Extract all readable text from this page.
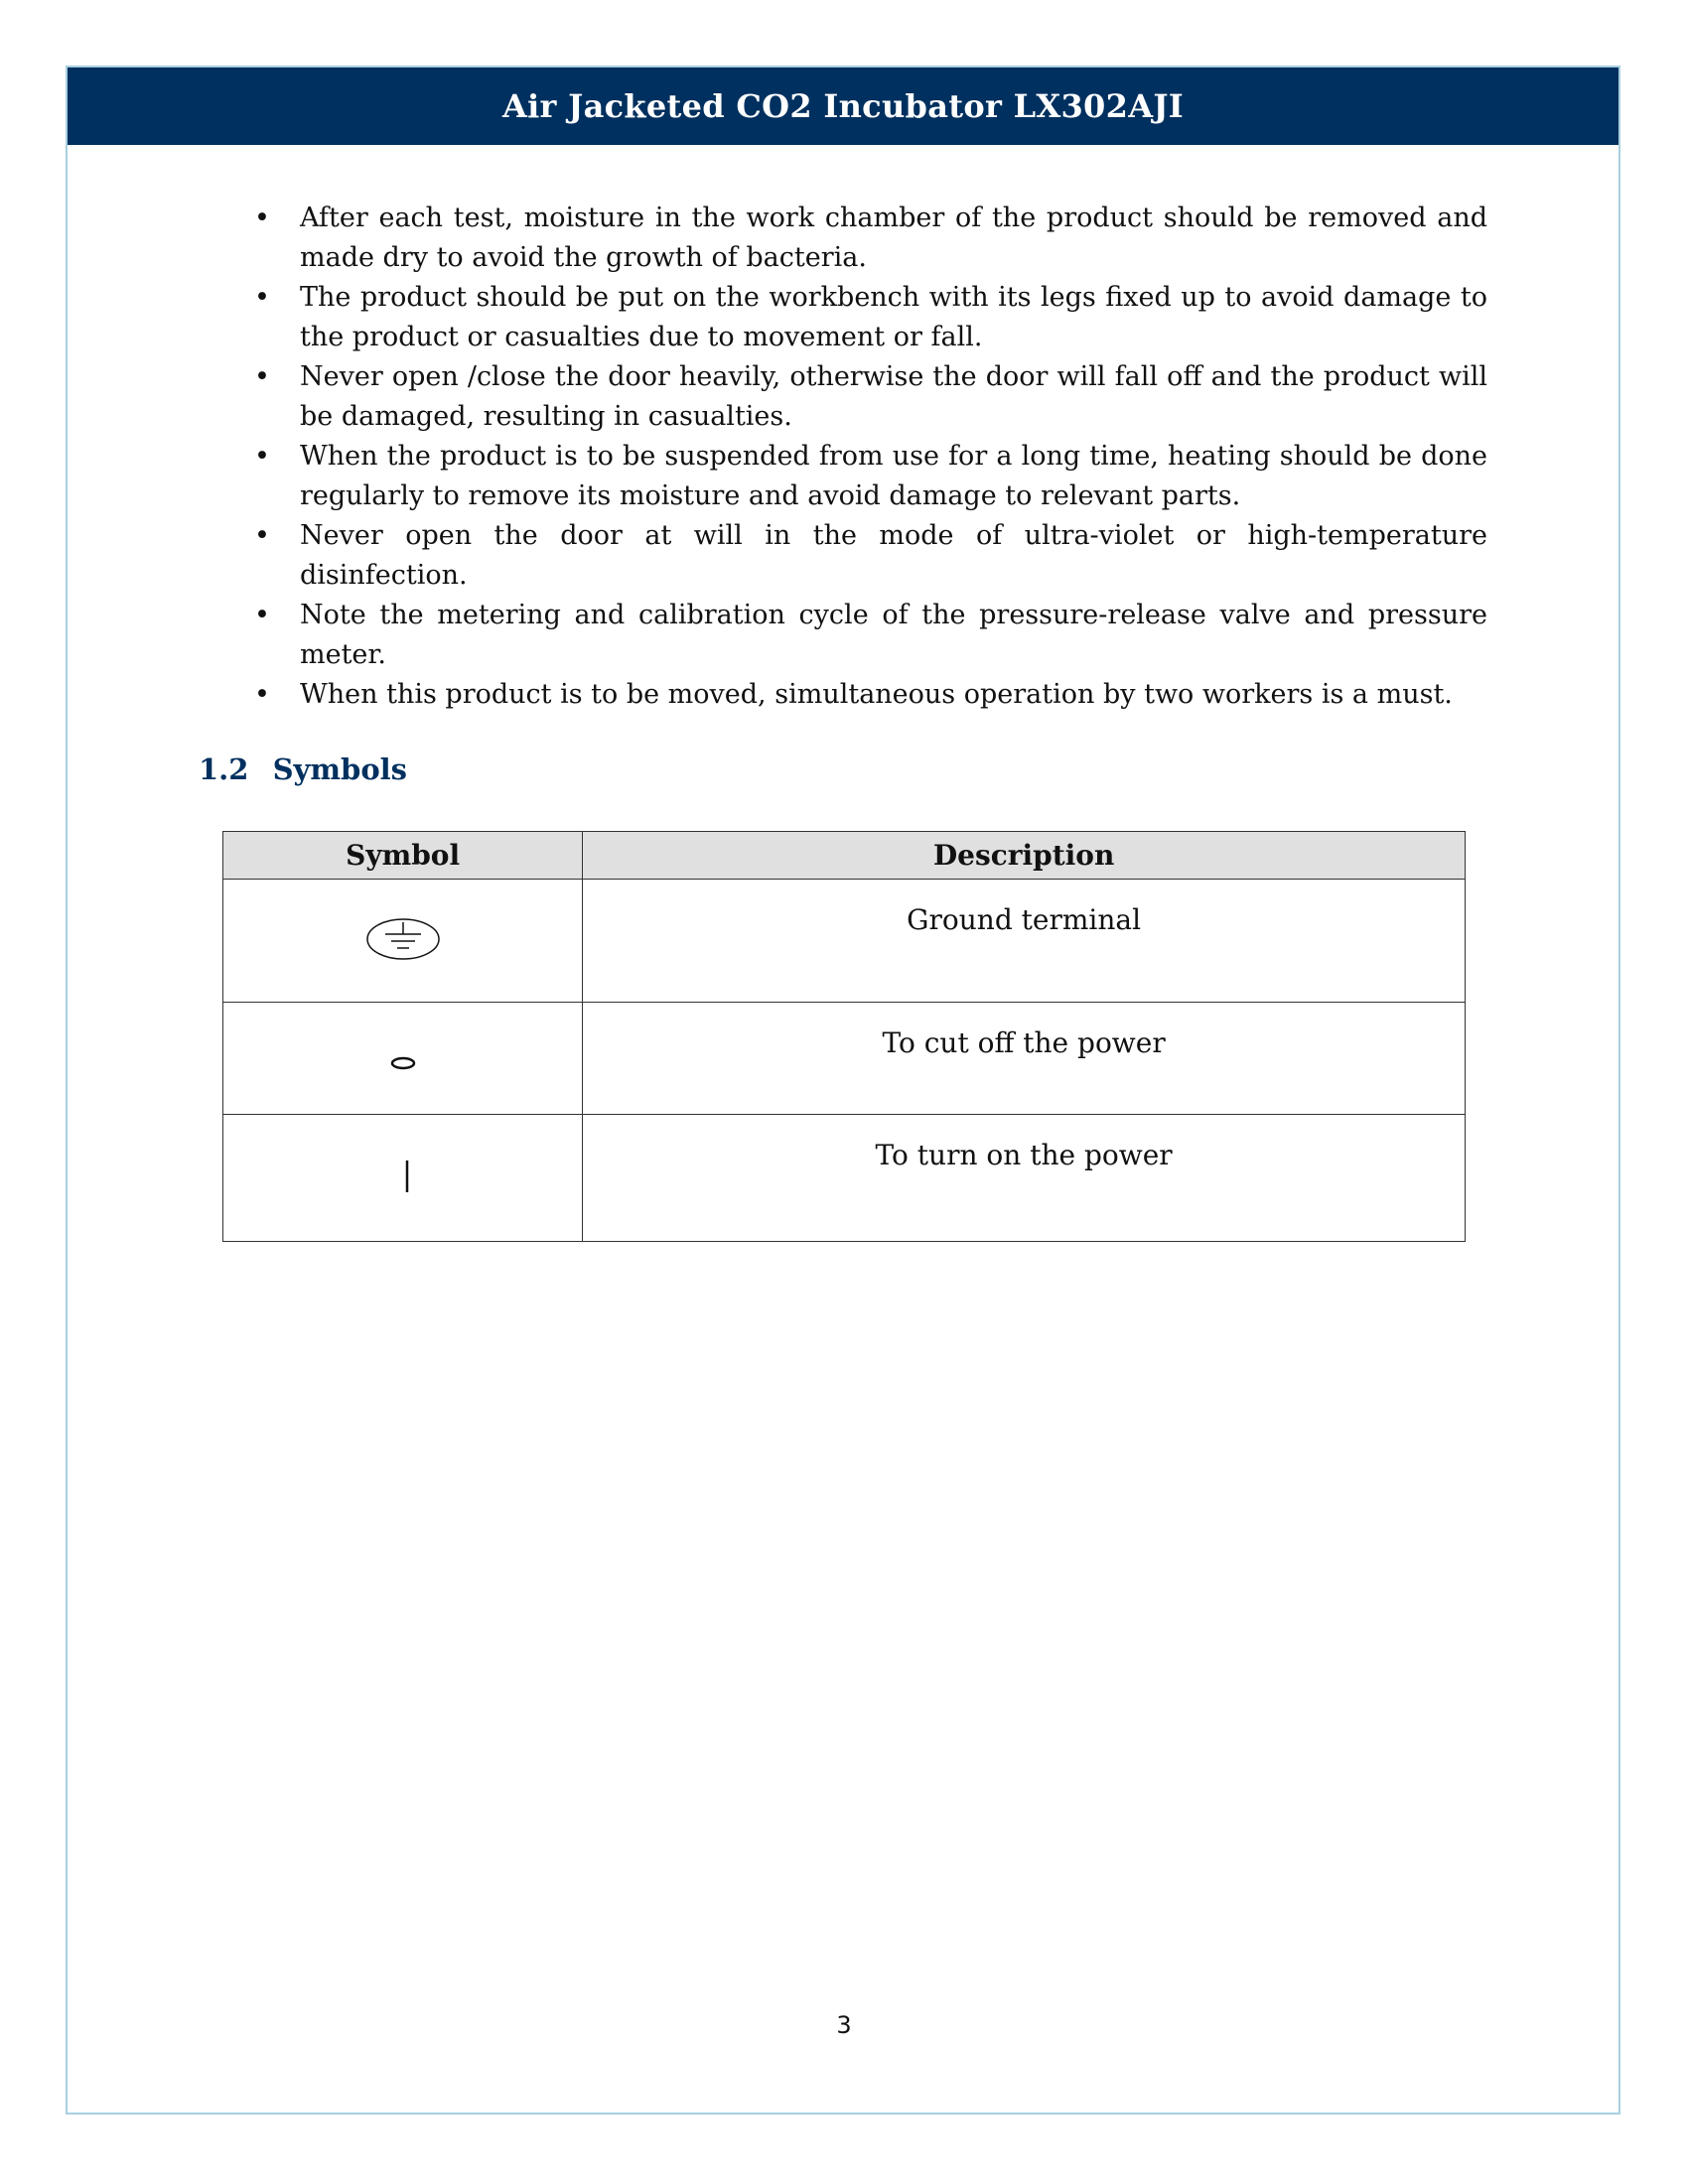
Air Jacketed CO2 Incubator LX302AJI
• After each test, moisture in the work chamber of the product should be removed and made dry to avoid the growth of bacteria.
• The product should be put on the workbench with its legs fixed up to avoid damage to the product or casualties due to movement or fall.
• Never open /close the door heavily, otherwise the door will fall off and the product will be damaged, resulting in casualties.
• When the product is to be suspended from use for a long time, heating should be done regularly to remove its moisture and avoid damage to relevant parts.
• Never open the door at will in the mode of ultra-violet or high-temperature disinfection.
• Note the metering and calibration cycle of the pressure-release valve and pressure meter.
• When this product is to be moved, simultaneous operation by two workers is a must.
1.2 Symbols
Symbol	Description
	Ground terminal
	To cut off the power
	To turn on the power
3
